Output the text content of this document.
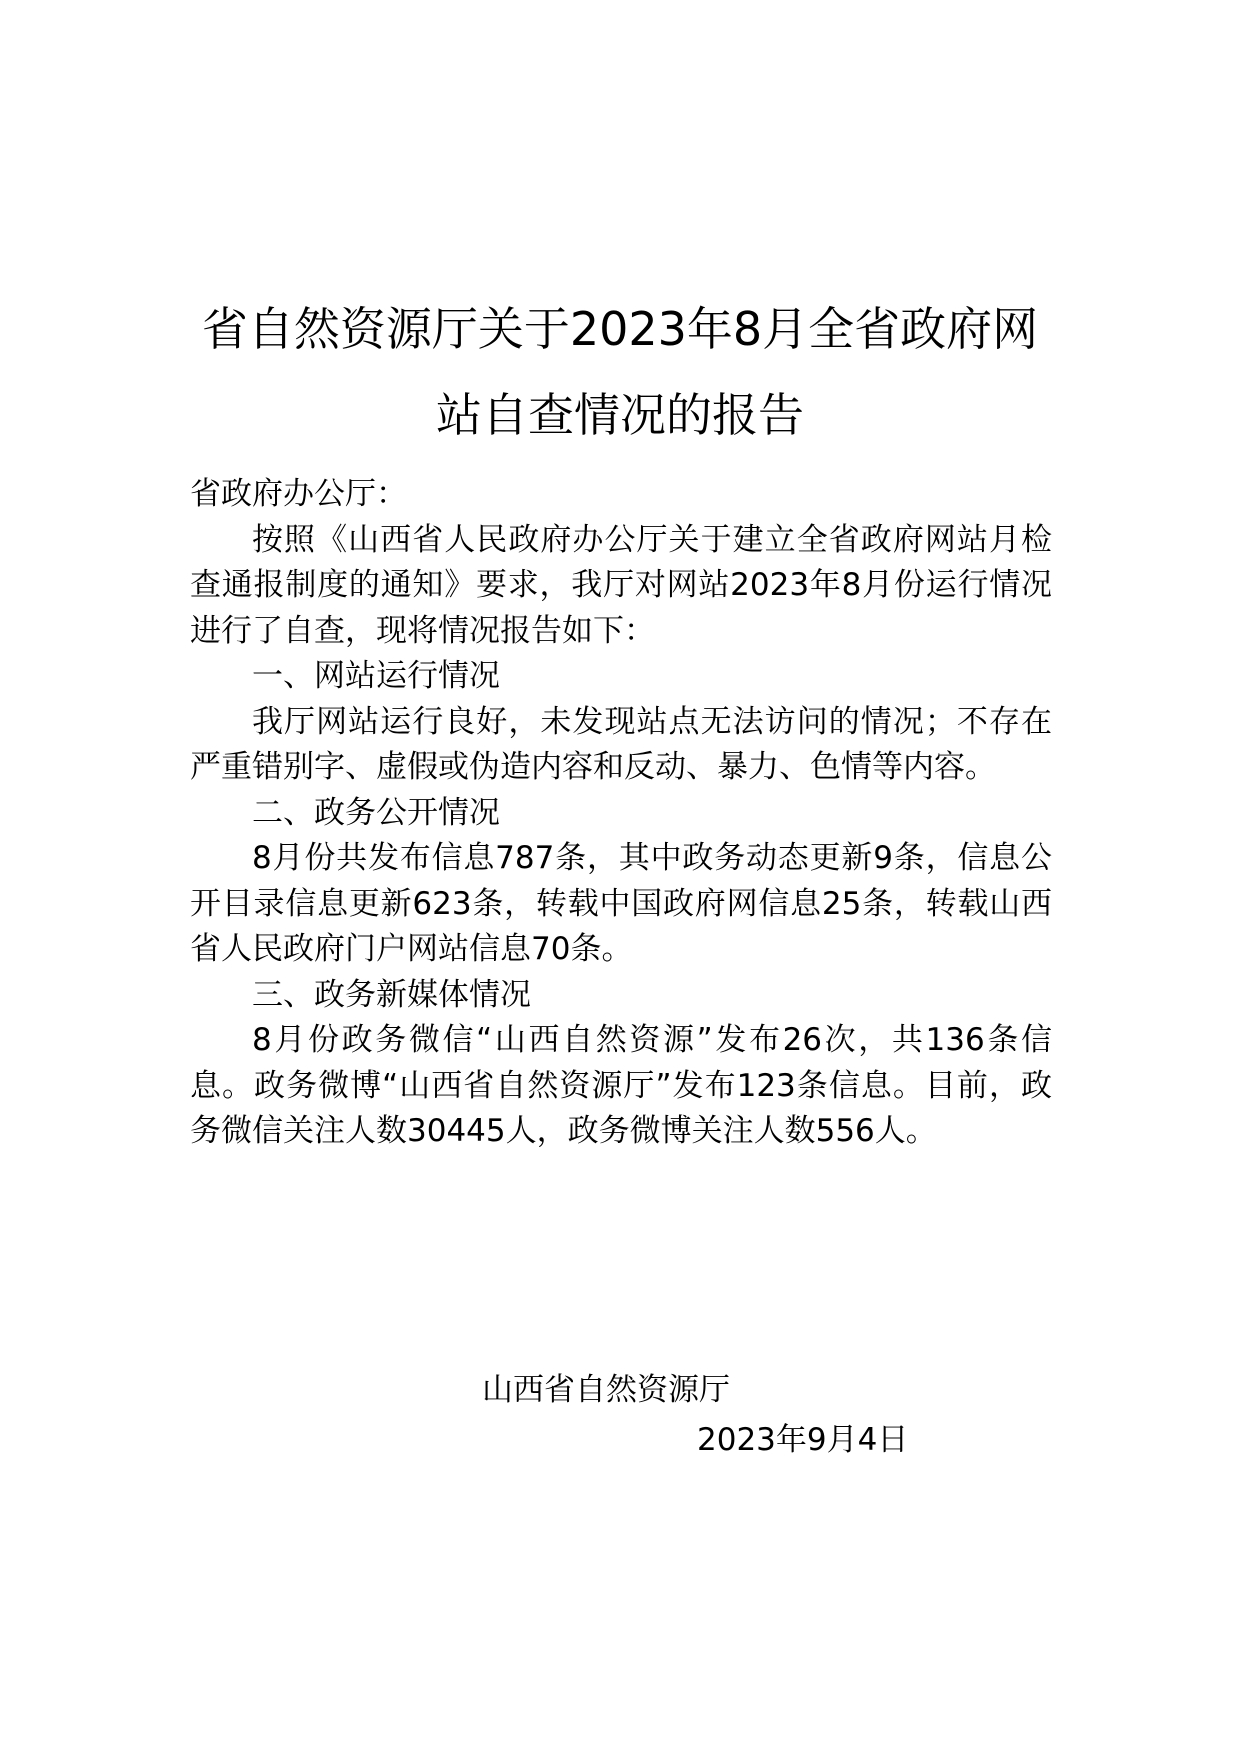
省自然资源厅关于2023年8月全省政府网
站自查情况的报告

省政府办公厅：

按照《山西省人民政府办公厅关于建立全省政府网站月检查通报制度的通知》要求，我厅对网站2023年8月份运行情况进行了自查，现将情况报告如下：

一、网站运行情况

我厅网站运行良好，未发现站点无法访问的情况；不存在严重错别字、虚假或伪造内容和反动、暴力、色情等内容。

二、政务公开情况

8月份共发布信息787条，其中政务动态更新9条，信息公开目录信息更新623条，转载中国政府网信息25条，转载山西省人民政府门户网站信息70条。

三、政务新媒体情况

8月份政务微信“山西自然资源”发布26次，共136条信息。政务微博“山西省自然资源厅”发布123条信息。目前，政务微信关注人数30445人，政务微博关注人数556人。

山西省自然资源厅
2023年9月4日
